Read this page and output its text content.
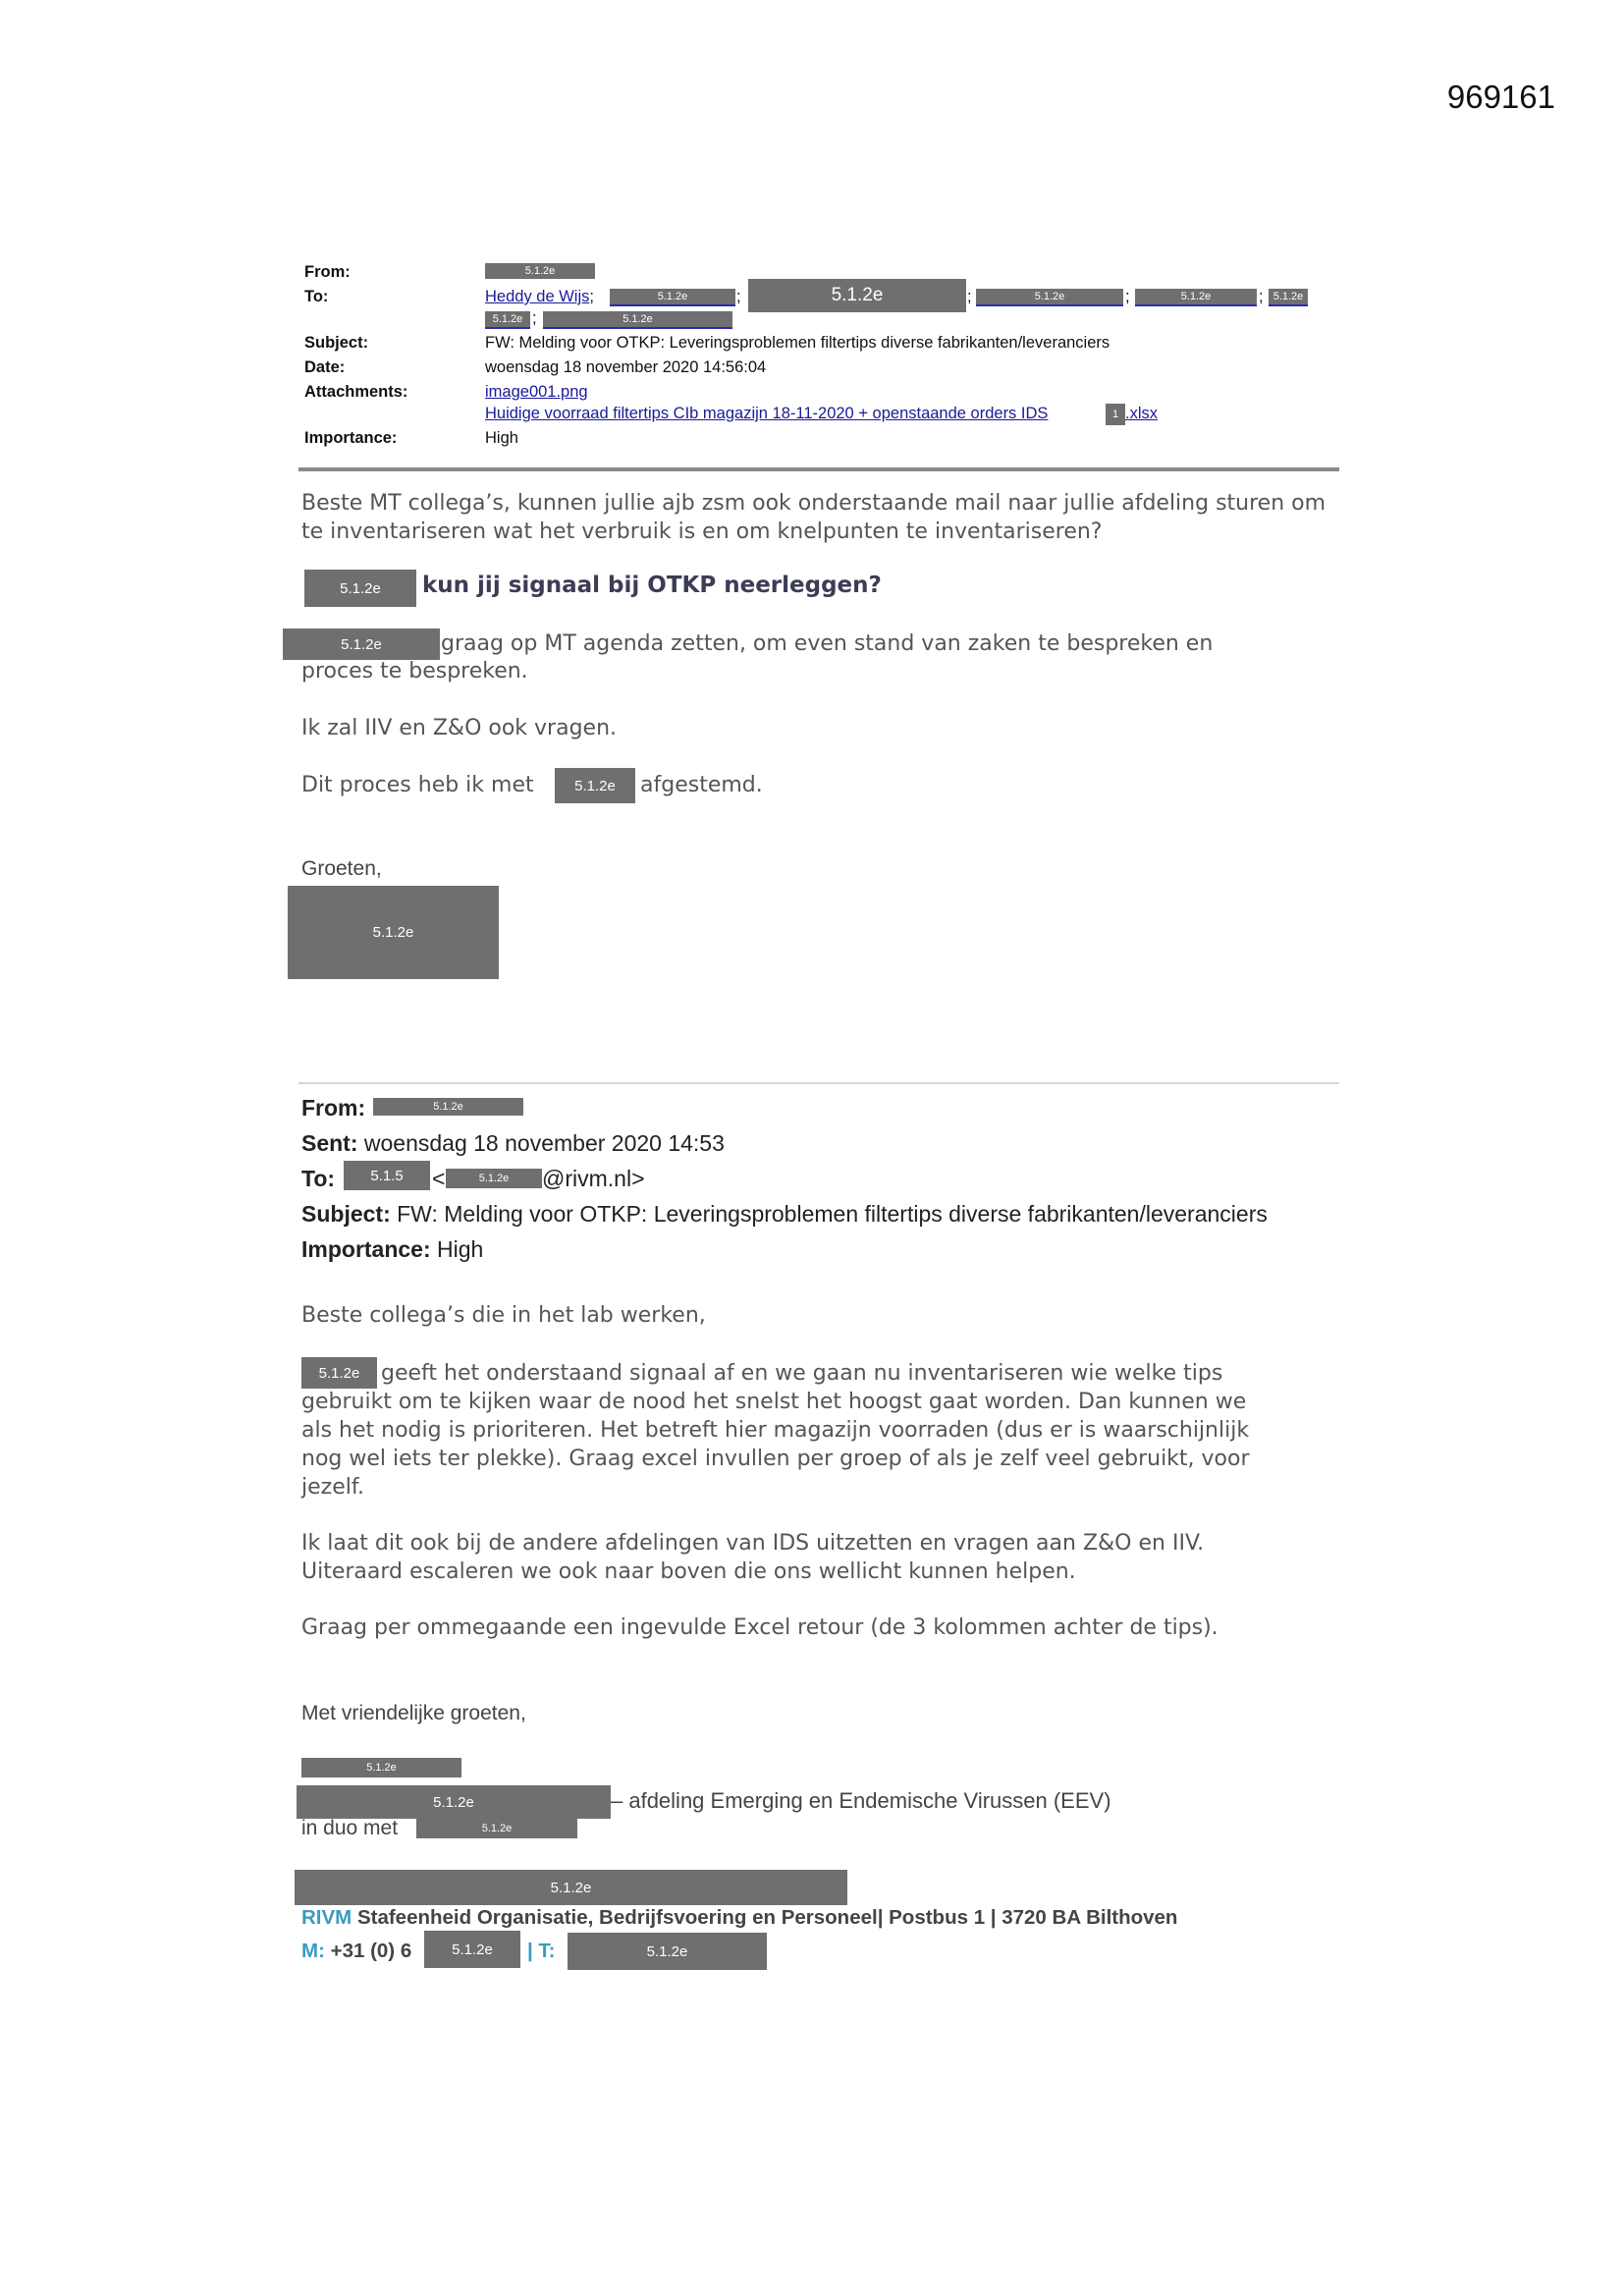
969161
From:	5.1.2e
To:	Heddy de Wijs;	5.1.2e	;	5.1.2e	;	5.1.2e	;	5.1.2e	; 5.1.2e
5.1.2e ;	5.1.2e
Subject:	FW: Melding voor OTKP: Leveringsproblemen filtertips diverse fabrikanten/leveranciers
Date:	woensdag 18 november 2020 14:56:04
Attachments:	image001.png
Huidige voorraad filtertips CIb magazijn 18-11-2020 + openstaande orders IDS	1 .xlsx
Importance:	High

Beste MT collega’s, kunnen jullie ajb zsm ook onderstaande mail naar jullie afdeling sturen om te inventariseren wat het verbruik is en om knelpunten te inventariseren?

5.1.2e	kun jij signaal bij OTKP neerleggen?
5.1.2e	graag op MT agenda zetten, om even stand van zaken te bespreken en
proces te bespreken.
Ik zal IIV en Z&O ook vragen.
Dit proces heb ik met	5.1.2e	afgestemd.
Groeten,
5.1.2e
From:	5.1.2e
Sent: woensdag 18 november 2020 14:53
To:	5.1.5	<	5.1.2e	@rivm.nl>
Subject: FW: Melding voor OTKP: Leveringsproblemen filtertips diverse fabrikanten/leveranciers
Importance: High
Beste collega’s die in het lab werken,
5.1.2e geeft het onderstaand signaal af en we gaan nu inventariseren wie welke tips
gebruikt om te kijken waar de nood het snelst het hoogst gaat worden. Dan kunnen we
als het nodig is prioriteren. Het betreft hier magazijn voorraden (dus er is waarschijnlijk
nog wel iets ter plekke). Graag excel invullen per groep of als je zelf veel gebruikt, voor
jezelf.
Ik laat dit ook bij de andere afdelingen van IDS uitzetten en vragen aan Z&O en IIV.
Uiteraard escaleren we ook naar boven die ons wellicht kunnen helpen.
Graag per ommegaande een ingevulde Excel retour (de 3 kolommen achter de tips).
Met vriendelijke groeten,
5.1.2e
5.1.2e	– afdeling Emerging en Endemische Virussen (EEV)
in duo met	5.1.2e
5.1.2e
RIVM Stafeenheid Organisatie, Bedrijfsvoering en Personeel| Postbus 1 | 3720 BA Bilthoven
M: +31 (0) 6	5.1.2e	| T:	5.1.2e
